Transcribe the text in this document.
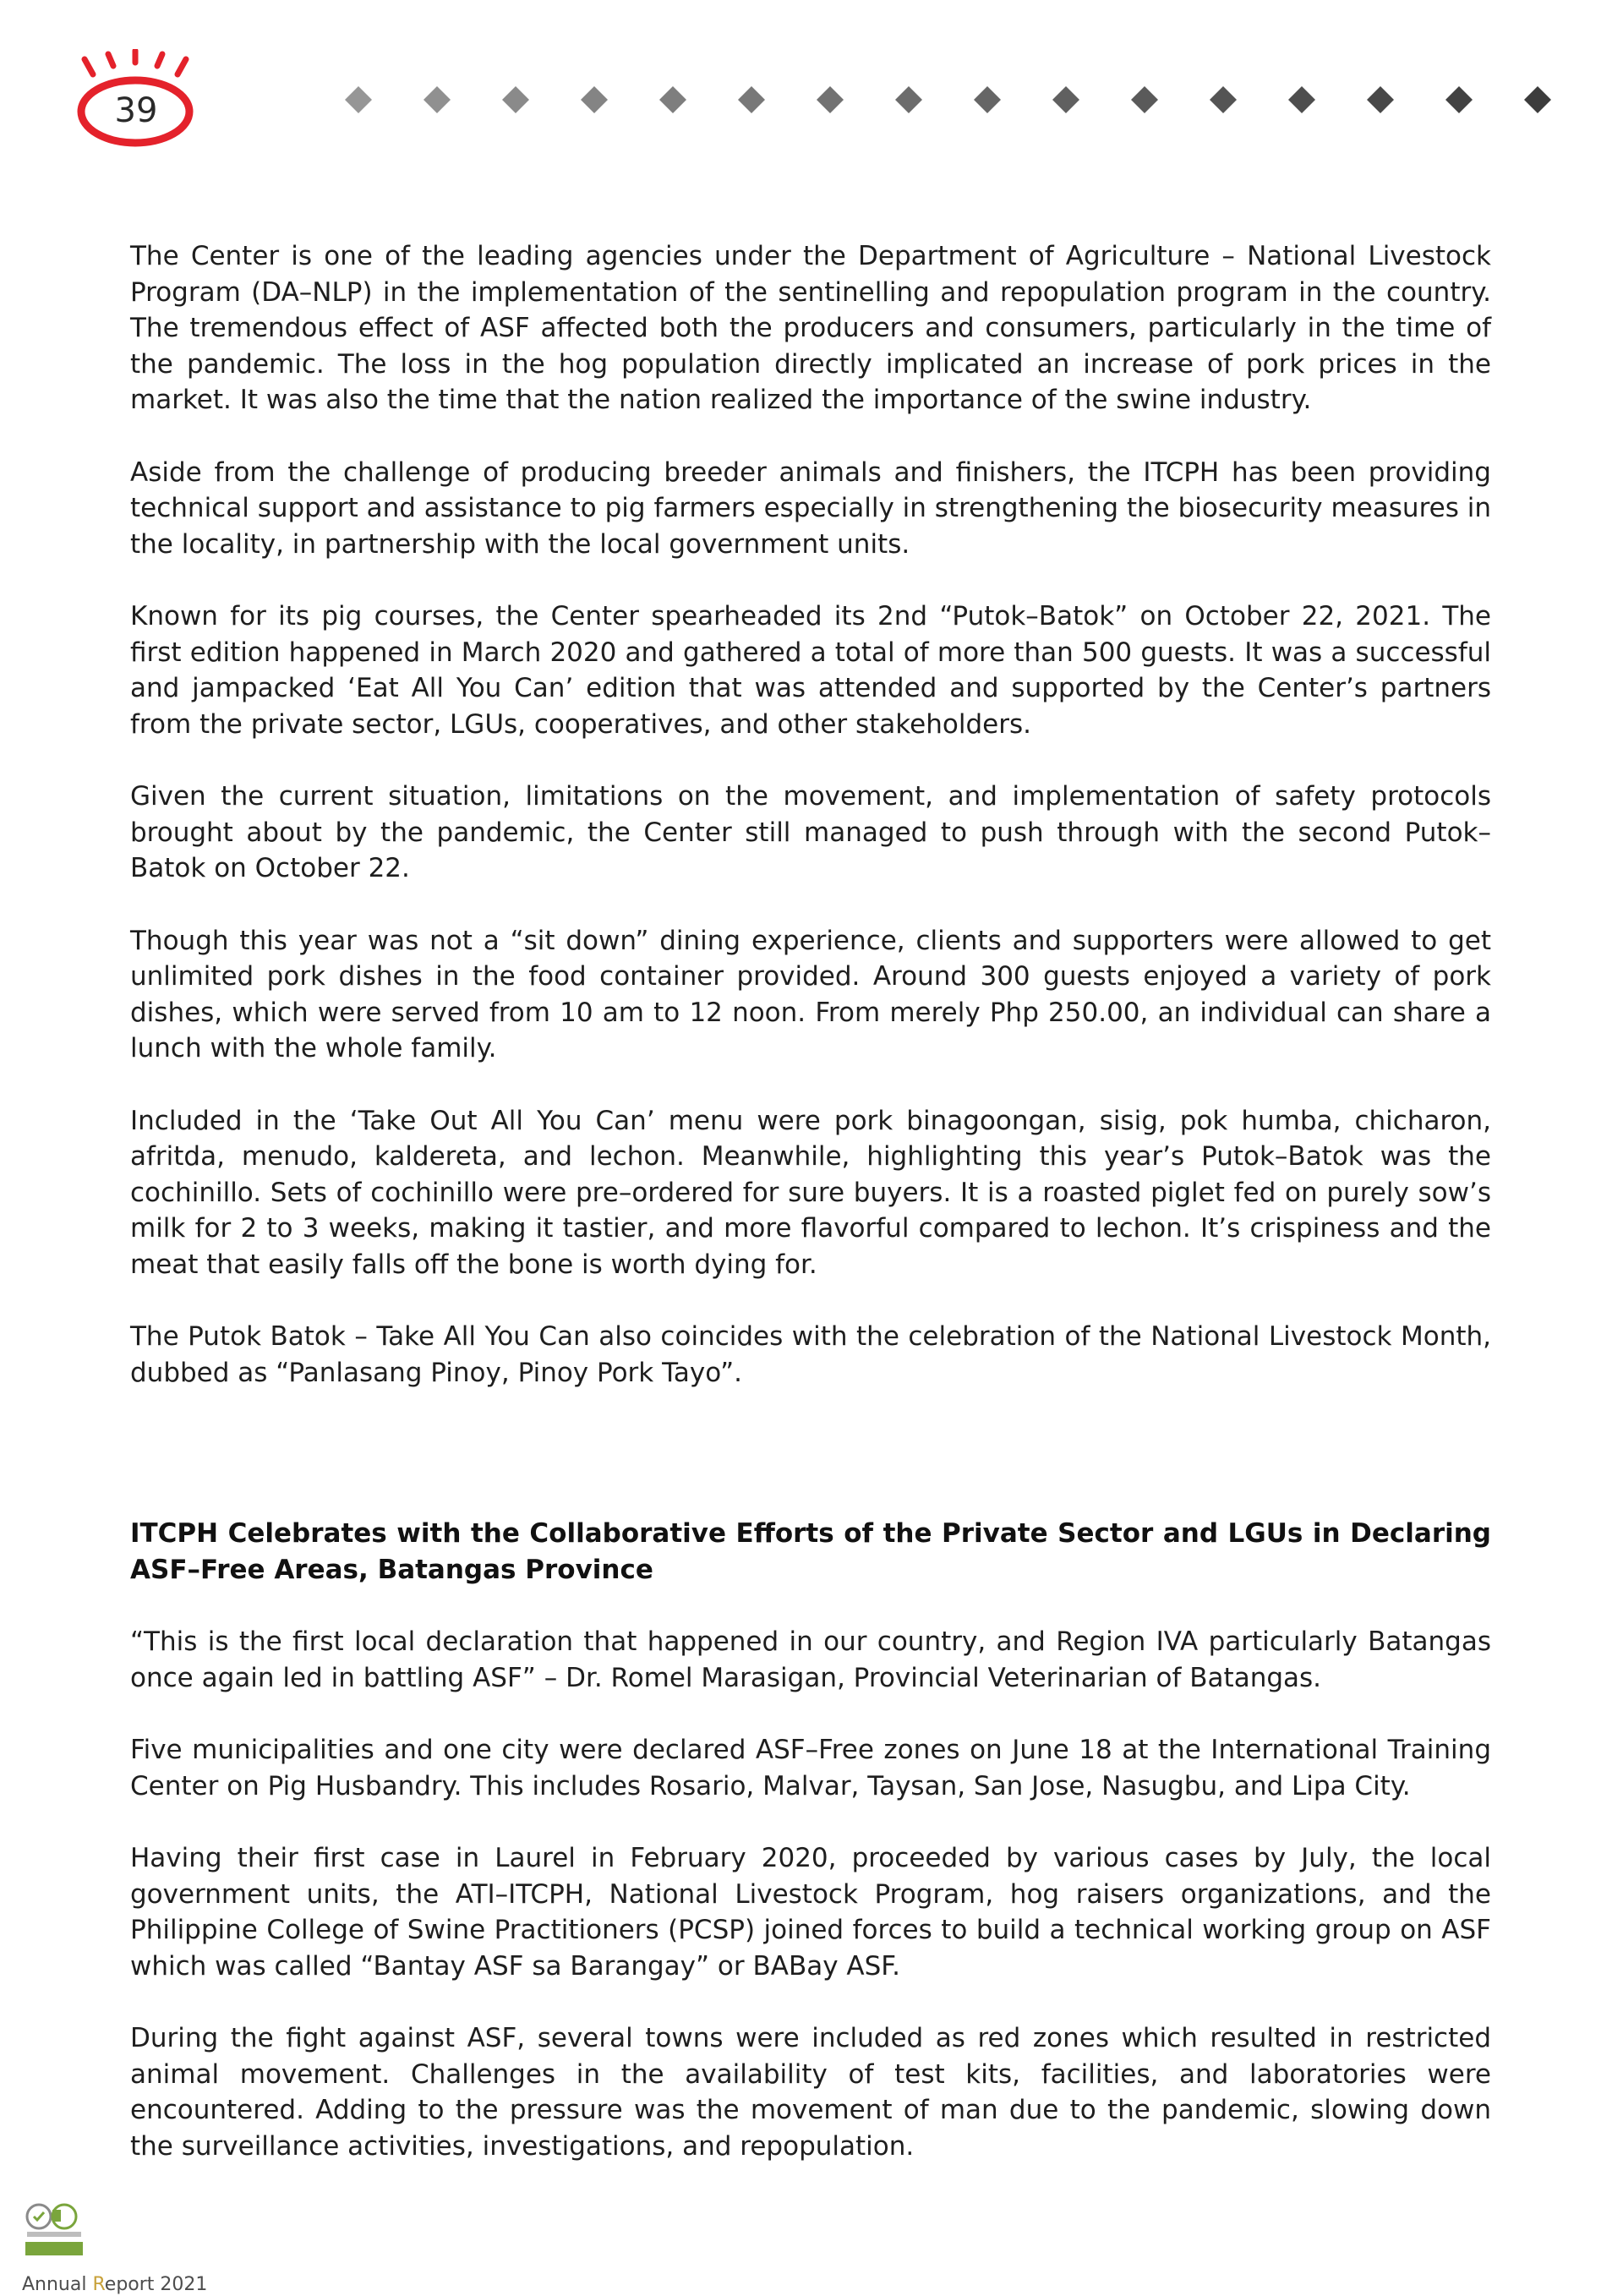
39

The Center is one of the leading agencies under the Department of Agriculture – National Livestock Program (DA–NLP) in the implementation of the sentinelling and repopulation program in the country. The tremendous effect of ASF affected both the producers and consumers, particularly in the time of the pandemic. The loss in the hog population directly implicated an increase of pork prices in the market. It was also the time that the nation realized the importance of the swine industry.

Aside from the challenge of producing breeder animals and finishers, the ITCPH has been providing technical support and assistance to pig farmers especially in strengthening the biosecurity measures in the locality, in partnership with the local government units.

Known for its pig courses, the Center spearheaded its 2nd “Putok–Batok” on October 22, 2021. The first edition happened in March 2020 and gathered a total of more than 500 guests. It was a successful and jampacked ‘Eat All You Can’ edition that was attended and supported by the Center’s partners from the private sector, LGUs, cooperatives, and other stakeholders.

Given the current situation, limitations on the movement, and implementation of safety protocols brought about by the pandemic, the Center still managed to push through with the second Putok–Batok on October 22.

Though this year was not a “sit down” dining experience, clients and supporters were allowed to get unlimited pork dishes in the food container provided. Around 300 guests enjoyed a variety of pork dishes, which were served from 10 am to 12 noon. From merely Php 250.00, an individual can share a lunch with the whole family.

Included in the ‘Take Out All You Can’ menu were pork binagoongan, sisig, pok humba, chicharon, afritda, menudo, kaldereta, and lechon. Meanwhile, highlighting this year’s Putok–Batok was the cochinillo. Sets of cochinillo were pre–ordered for sure buyers. It is a roasted piglet fed on purely sow’s milk for 2 to 3 weeks, making it tastier, and more flavorful compared to lechon. It’s crispiness and the meat that easily falls off the bone is worth dying for.

The Putok Batok – Take All You Can also coincides with the celebration of the National Livestock Month, dubbed as “Panlasang Pinoy, Pinoy Pork Tayo”.

ITCPH Celebrates with the Collaborative Efforts of the Private Sector and LGUs in Declaring ASF–Free Areas, Batangas Province

“This is the first local declaration that happened in our country, and Region IVA particularly Batangas once again led in battling ASF” – Dr. Romel Marasigan, Provincial Veterinarian of Batangas.

Five municipalities and one city were declared ASF–Free zones on June 18 at the International Training Center on Pig Husbandry. This includes Rosario, Malvar, Taysan, San Jose, Nasugbu, and Lipa City.

Having their first case in Laurel in February 2020, proceeded by various cases by July, the local government units, the ATI–ITCPH, National Livestock Program, hog raisers organizations, and the Philippine College of Swine Practitioners (PCSP) joined forces to build a technical working group on ASF which was called “Bantay ASF sa Barangay” or BABay ASF.

During the fight against ASF, several towns were included as red zones which resulted in restricted animal movement. Challenges in the availability of test kits, facilities, and laboratories were encountered. Adding to the pressure was the movement of man due to the pandemic, slowing down the surveillance activities, investigations, and repopulation.

Annual Report 2021
